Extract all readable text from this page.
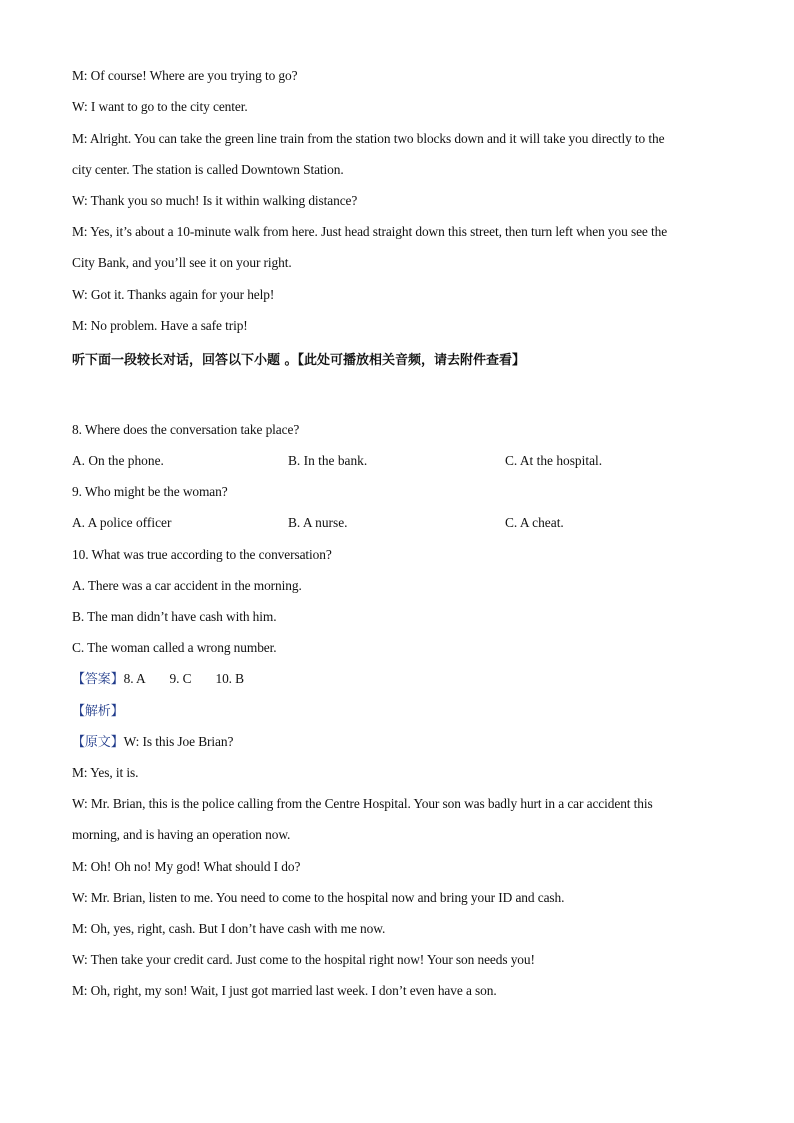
M: Of course! Where are you trying to go?
W: I want to go to the city center.
M: Alright. You can take the green line train from the station two blocks down and it will take you directly to the
city center. The station is called Downtown Station.
W: Thank you so much! Is it within walking distance?
M: Yes, it’s about a 10-minute walk from here. Just head straight down this street, then turn left when you see the
City Bank, and you’ll see it on your right.
W: Got it. Thanks again for your help!
M: No problem. Have a safe trip!
听下面一段较长对话，回答以下小题 。【此处可播放相关音频，请去附件查看】
8. Where does the conversation take place?
A. On the phone.	B. In the bank.	C. At the hospital.
9. Who might be the woman?
A. A police officer	B. A nurse.	C. A cheat.
10. What was true according to the conversation?
A. There was a car accident in the morning.
B. The man didn’t have cash with him.
C. The woman called a wrong number.
【答案】8. A 9. C 10. B
【解析】
【原文】W: Is this Joe Brian?
M: Yes, it is.
W: Mr. Brian, this is the police calling from the Centre Hospital. Your son was badly hurt in a car accident this
morning, and is having an operation now.
M: Oh! Oh no! My god! What should I do?
W: Mr. Brian, listen to me. You need to come to the hospital now and bring your ID and cash.
M: Oh, yes, right, cash. But I don’t have cash with me now.
W: Then take your credit card. Just come to the hospital right now! Your son needs you!
M: Oh, right, my son! Wait, I just got married last week. I don’t even have a son.
